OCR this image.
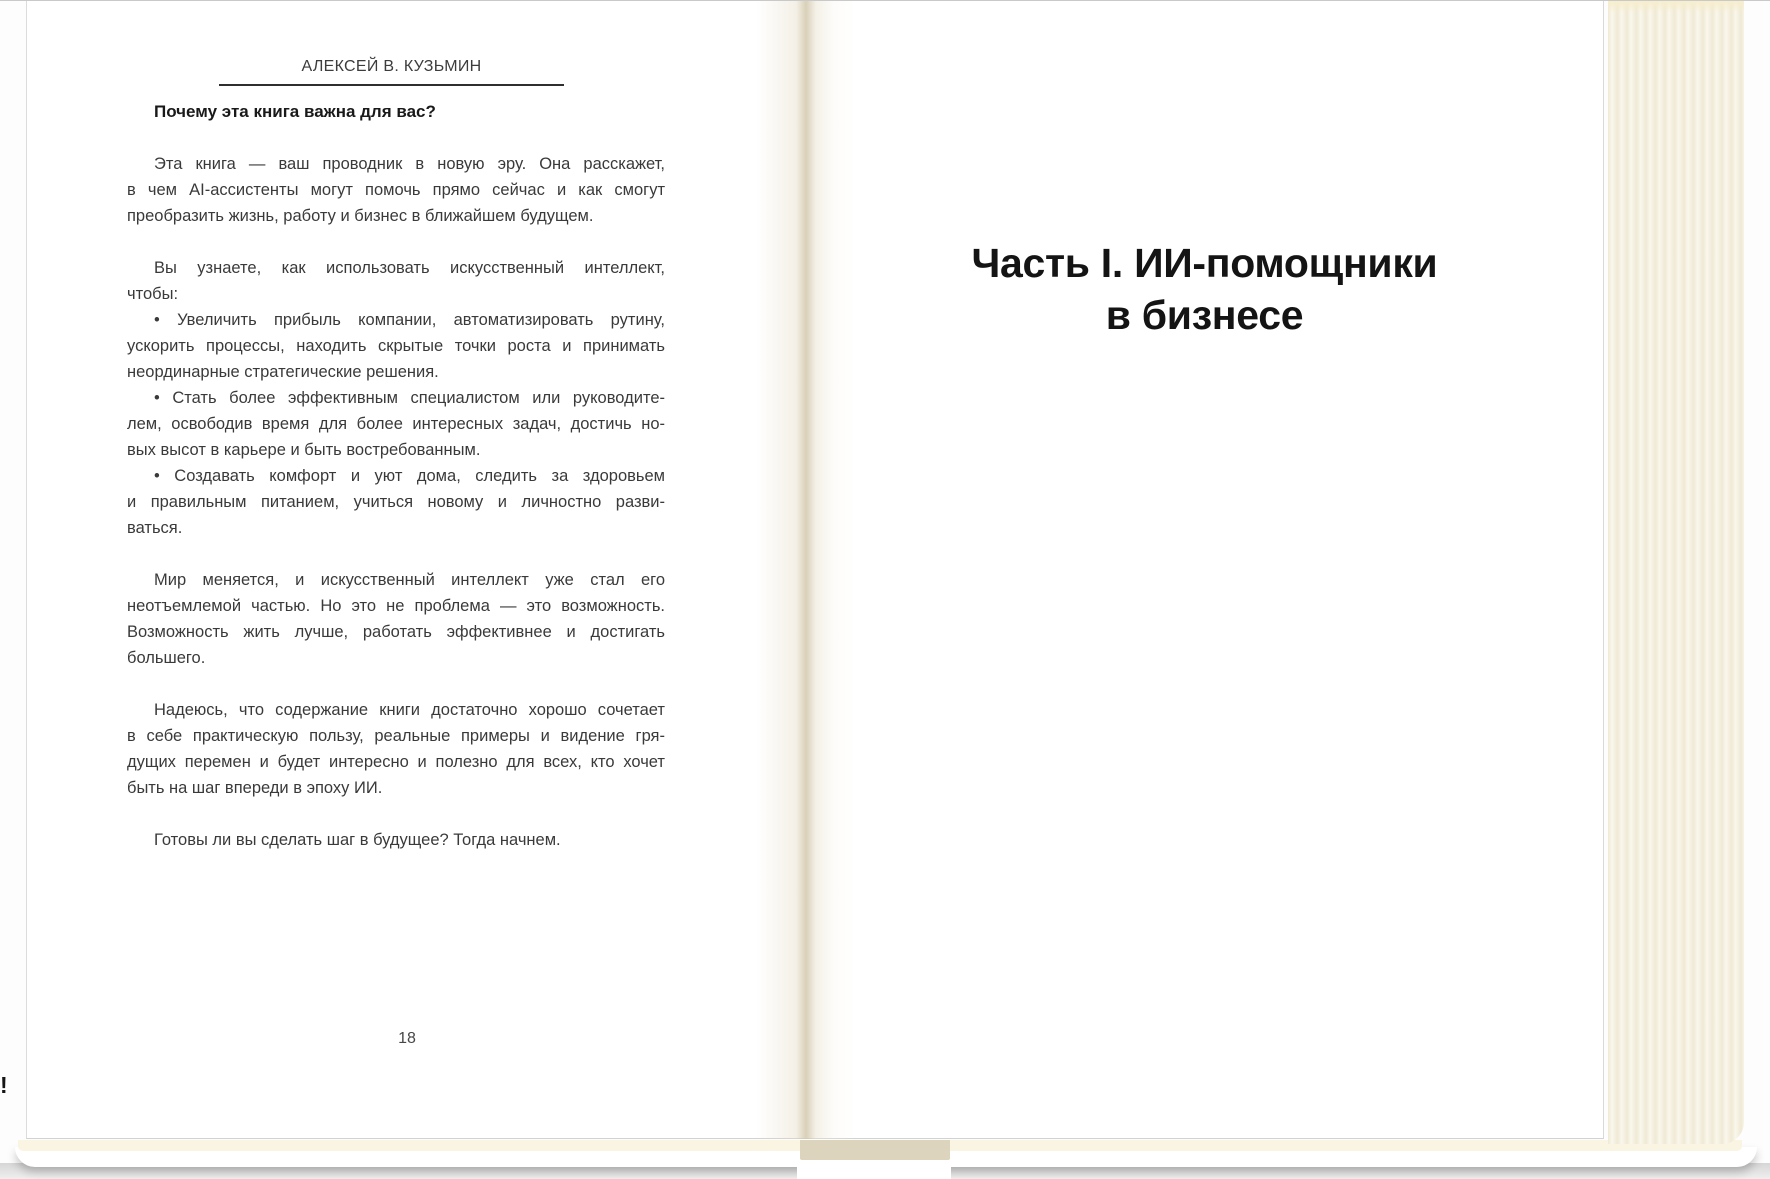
АЛЕКСЕЙ В. КУЗЬМИН
Почему эта книга важна для вас?
Эта книга — ваш проводник в новую эру. Она расскажет,
в чем AI-ассистенты могут помочь прямо сейчас и как смогут
преобразить жизнь, работу и бизнес в ближайшем будущем.
Вы узнаете, как использовать искусственный интеллект,
чтобы:
• Увеличить прибыль компании, автоматизировать рутину,
ускорить процессы, находить скрытые точки роста и принимать
неординарные стратегические решения.
• Стать более эффективным специалистом или руководите-
лем, освободив время для более интересных задач, достичь но-
вых высот в карьере и быть востребованным.
• Создавать комфорт и уют дома, следить за здоровьем
и правильным питанием, учиться новому и личностно разви-
ваться.
Мир меняется, и искусственный интеллект уже стал его
неотъемлемой частью. Но это не проблема — это возможность.
Возможность жить лучше, работать эффективнее и достигать
большего.
Надеюсь, что содержание книги достаточно хорошо сочетает
в себе практическую пользу, реальные примеры и видение гря-
дущих перемен и будет интересно и полезно для всех, кто хочет
быть на шаг впереди в эпоху ИИ.
Готовы ли вы сделать шаг в будущее? Тогда начнем.
18
Часть I. ИИ-помощники
в бизнесе
!
